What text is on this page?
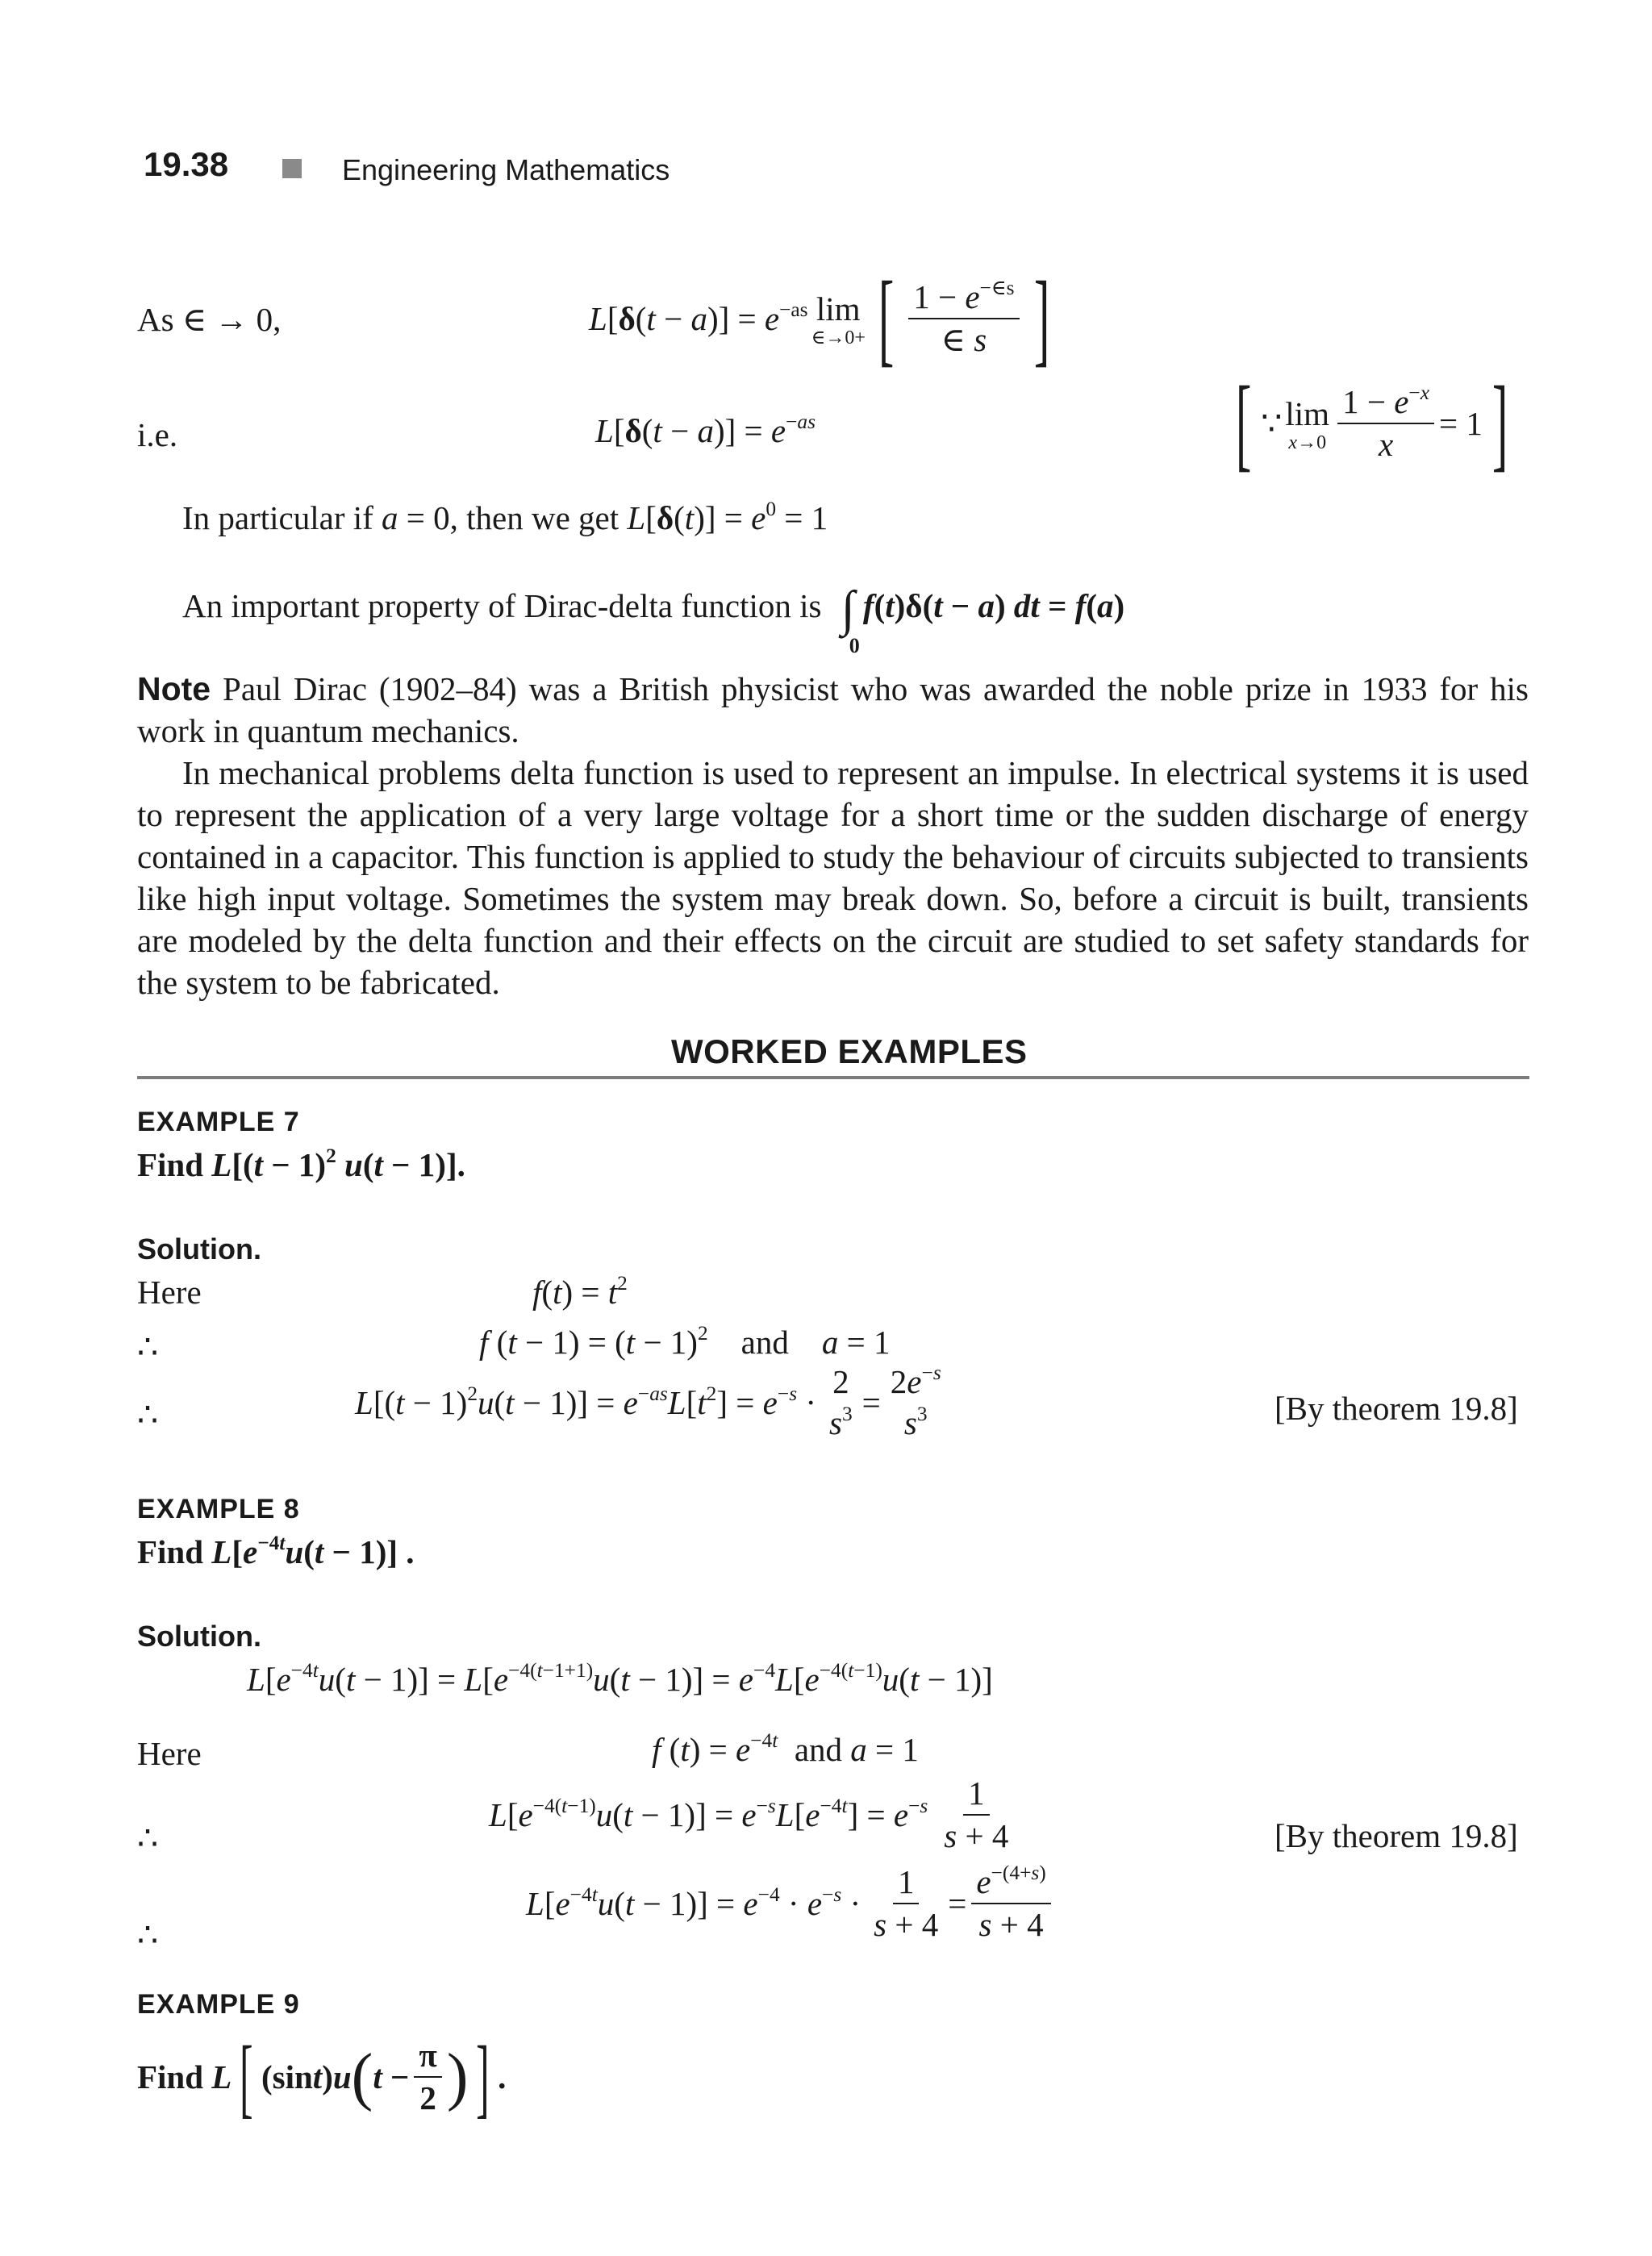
19.38	Engineering Mathematics
As ∈ → 0,	$L[\delta(t - a)] = e^{-as}$ lim
∈→0+ [ $\frac{1 - e^{-\in s}}{\in s}$ ]
i.e.	$L[\delta(t - a)] = e^{-as}$	[ ∵ lim
$x\to 0 \frac{1 - e^{-x}}{x} = 1$ ]
In particular if a = 0, then we get $L[\delta(t)] = e^0 = 1$
An important property of Dirac-delta function is ∫
0
f(t)δ(t − a) dt = f(a)
Note Paul Dirac (1902–84) was a British physicist who was awarded the noble prize in 1933 for his work in quantum mechanics.
In mechanical problems delta function is used to represent an impulse. In electrical systems it is used to represent the application of a very large voltage for a short time or the sudden discharge of energy contained in a capacitor. This function is applied to study the behaviour of circuits subjected to transients like high input voltage. Sometimes the system may break down. So, before a circuit is built, transients are modeled by the delta function and their effects on the circuit are studied to set safety standards for the system to be fabricated.
WORKED EXAMPLES
EXAMPLE 7
Find $L[(t - 1)^2$ u(t − 1)].
Solution.
Here	$f(t) = t^2$
∴	f $(t - 1) = (t - 1)^2$ and a = 1
∴	$L[(t - 1)^2u(t - 1)] = e^{-as}L[t^2] = e^{-s}$ ·
2
$s^3$ =
$2e^{-s}$
$s^3$	[By theorem 19.8]
EXAMPLE 8
Find $L[e^{-4t}u(t - 1)]$ .
Solution.
$L[e^{-4t}u(t - 1)] = L[e^{-4(t-1+1)}u(t - 1)] = e^{-4}L[e^{-4(t-1)}u(t - 1)]$
Here	f $(t) = e^{-4t}$ and a = 1
∴
$L[e^{-4(t-1)}u(t - 1)] = e^{-s}L[e^{-4t}] = e^{-s} \frac{1}{s + 4}$	[By theorem 19.8]
∴
$L[e^{-4t}u(t - 1)] = e^{-4} \cdot e^{-s} \cdot \frac{1}{s + 4} = \frac{e^{-(4+s)}}{s + 4}$
EXAMPLE 9
Find
L [ (sint)u ( $t - \frac{\pi}{2}$ ) ] .
